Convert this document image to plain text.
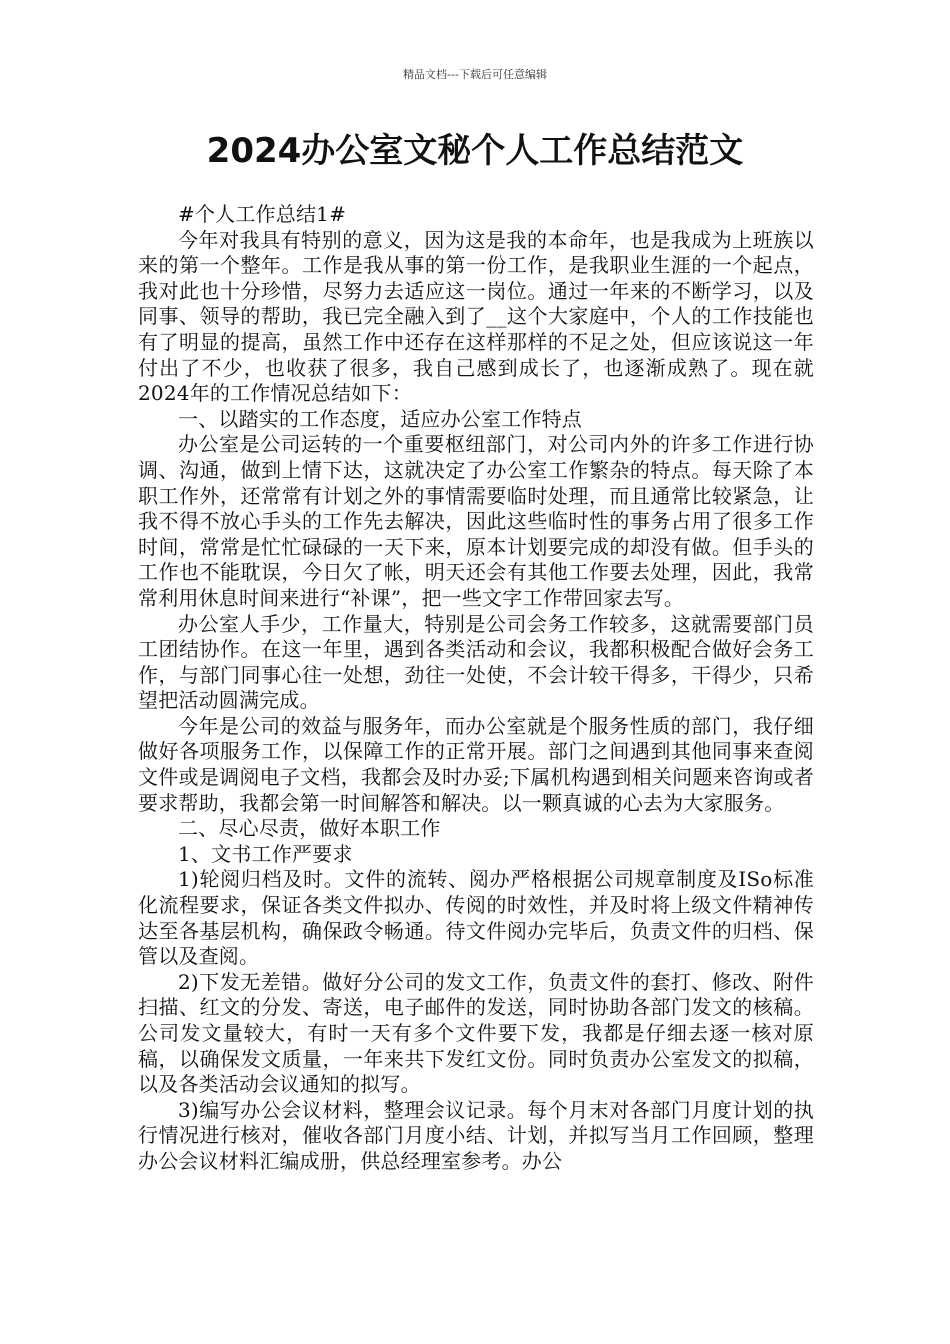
精品文档---下载后可任意编辑
2024办公室文秘个人工作总结范文

#个人工作总结1#

今年对我具有特别的意义，因为这是我的本命年，也是我成为上班族以来的第一个整年。工作是我从事的第一份工作，是我职业生涯的一个起点，我对此也十分珍惜，尽努力去适应这一岗位。通过一年来的不断学习，以及同事、领导的帮助，我已完全融入到了__这个大家庭中，个人的工作技能也有了明显的提高，虽然工作中还存在这样那样的不足之处，但应该说这一年付出了不少，也收获了很多，我自己感到成长了，也逐渐成熟了。现在就2024年的工作情况总结如下：

一、以踏实的工作态度，适应办公室工作特点

办公室是公司运转的一个重要枢纽部门，对公司内外的许多工作进行协调、沟通，做到上情下达，这就决定了办公室工作繁杂的特点。每天除了本职工作外，还常常有计划之外的事情需要临时处理，而且通常比较紧急，让我不得不放心手头的工作先去解决，因此这些临时性的事务占用了很多工作时间，常常是忙忙碌碌的一天下来，原本计划要完成的却没有做。但手头的工作也不能耽误，今日欠了帐，明天还会有其他工作要去处理，因此，我常常利用休息时间来进行“补课”，把一些文字工作带回家去写。

办公室人手少，工作量大，特别是公司会务工作较多，这就需要部门员工团结协作。在这一年里，遇到各类活动和会议，我都积极配合做好会务工作，与部门同事心往一处想，劲往一处使，不会计较干得多，干得少，只希望把活动圆满完成。

今年是公司的效益与服务年，而办公室就是个服务性质的部门，我仔细做好各项服务工作，以保障工作的正常开展。部门之间遇到其他同事来查阅文件或是调阅电子文档，我都会及时办妥;下属机构遇到相关问题来咨询或者要求帮助，我都会第一时间解答和解决。以一颗真诚的心去为大家服务。

二、尽心尽责，做好本职工作

1、文书工作严要求

1)轮阅归档及时。文件的流转、阅办严格根据公司规章制度及ISo标准化流程要求，保证各类文件拟办、传阅的时效性，并及时将上级文件精神传达至各基层机构，确保政令畅通。待文件阅办完毕后，负责文件的归档、保管以及查阅。

2)下发无差错。做好分公司的发文工作，负责文件的套打、修改、附件扫描、红文的分发、寄送，电子邮件的发送，同时协助各部门发文的核稿。公司发文量较大，有时一天有多个文件要下发，我都是仔细去逐一核对原稿，以确保发文质量，一年来共下发红文份。同时负责办公室发文的拟稿，以及各类活动会议通知的拟写。

3)编写办公会议材料，整理会议记录。每个月末对各部门月度计划的执行情况进行核对，催收各部门月度小结、计划，并拟写当月工作回顾，整理办公会议材料汇编成册，供总经理室参考。办公
